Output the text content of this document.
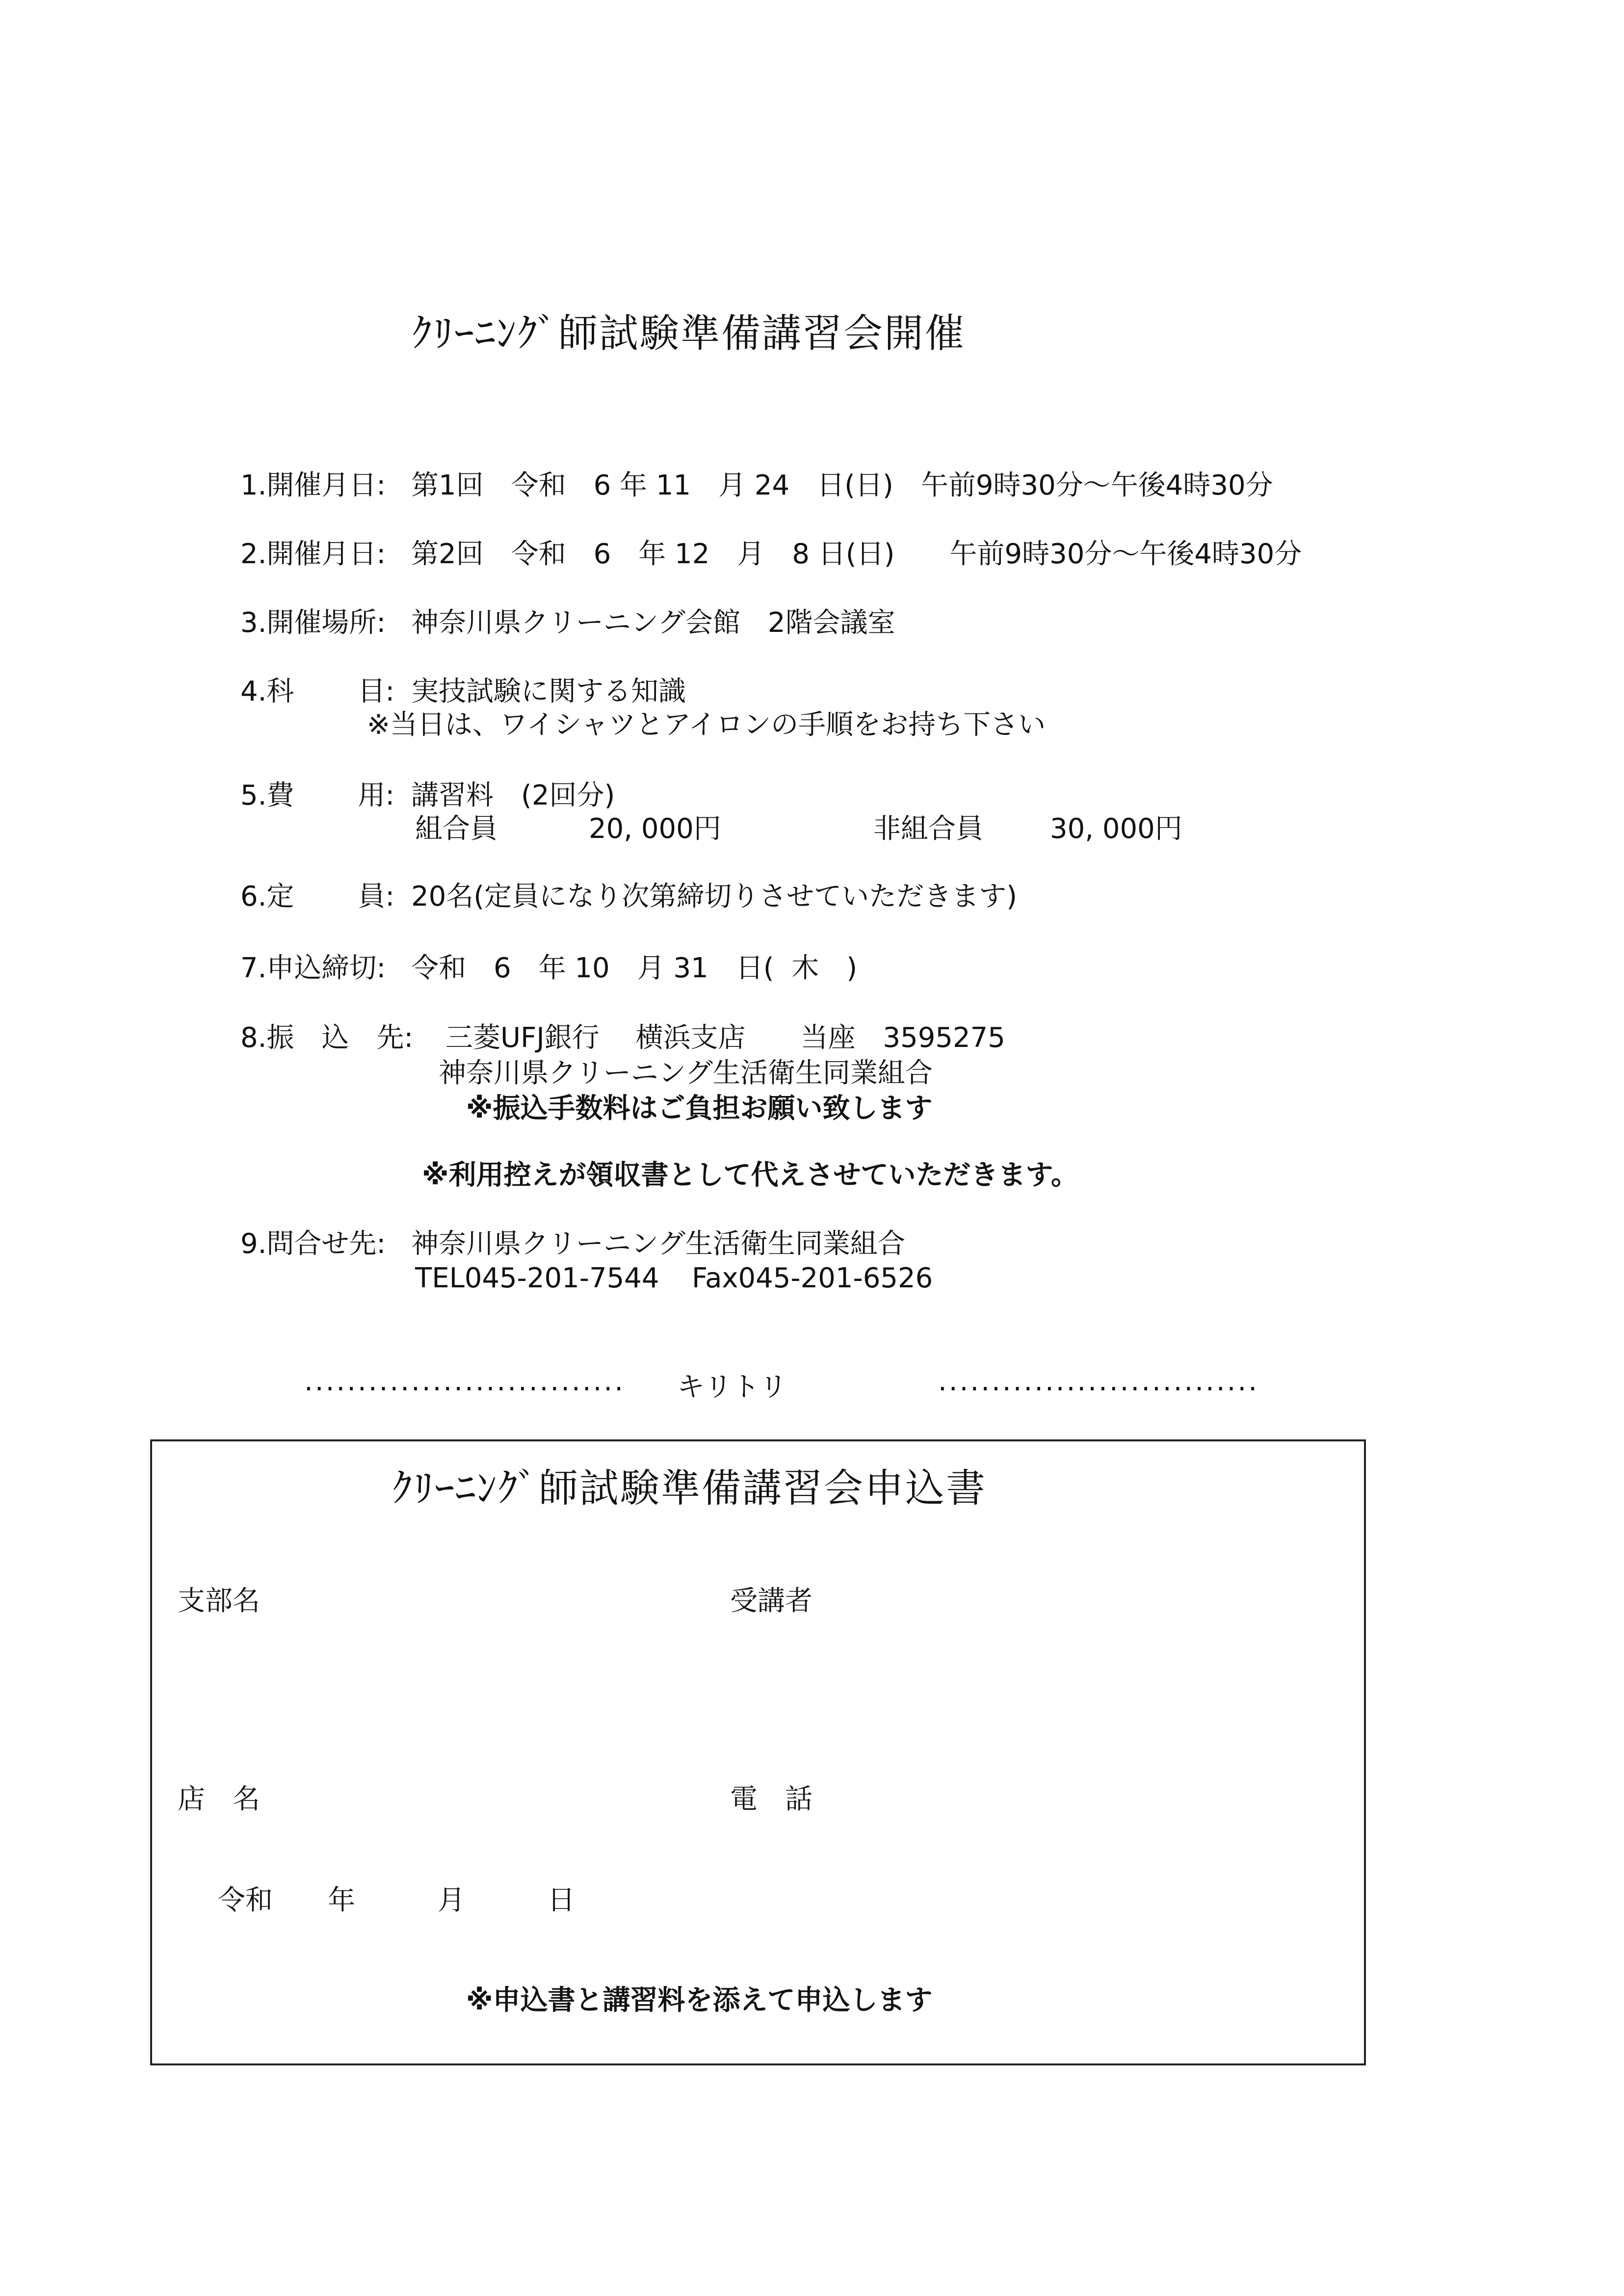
ｸﾘｰﾆﾝｸﾞ師試験準備講習会開催
1.開催月日: 第1回　令和　6 年 11　月 24　日(日)　午前9時30分～午後4時30分
2.開催月日: 第2回　令和　6　年 12　月　8 日(日)　　午前9時30分～午後4時30分
3.開催場所: 神奈川県クリーニング会館　2階会議室
4.科　　 目: 実技試験に関する知識
※当日は、ワイシャツとアイロンの手順をお持ち下さい
5.費　　 用: 講習料　(2回分)
組合員	20, 000円	非組合員 30, 000円
6.定　　 員: 20名(定員になり次第締切りさせていただきます)
7.申込締切: 令和　6　年 10　月 31　日(  木　)
8.振　込　先: 三菱UFJ銀行　 横浜支店　　当座　3595275
神奈川県クリーニング生活衛生同業組合
※振込手数料はご負担お願い致します
※利用控えが領収書として代えさせていただきます。
9.問合せ先: 神奈川県クリーニング生活衛生同業組合
TEL045-201-7544 Fax045-201-6526
.............................. キリトリ	..............................
ｸﾘｰﾆﾝｸﾞ師試験準備講習会申込書
支部名	受講者
店　名	電　話
令和　　年　　　月　　　日
※申込書と講習料を添えて申込します
